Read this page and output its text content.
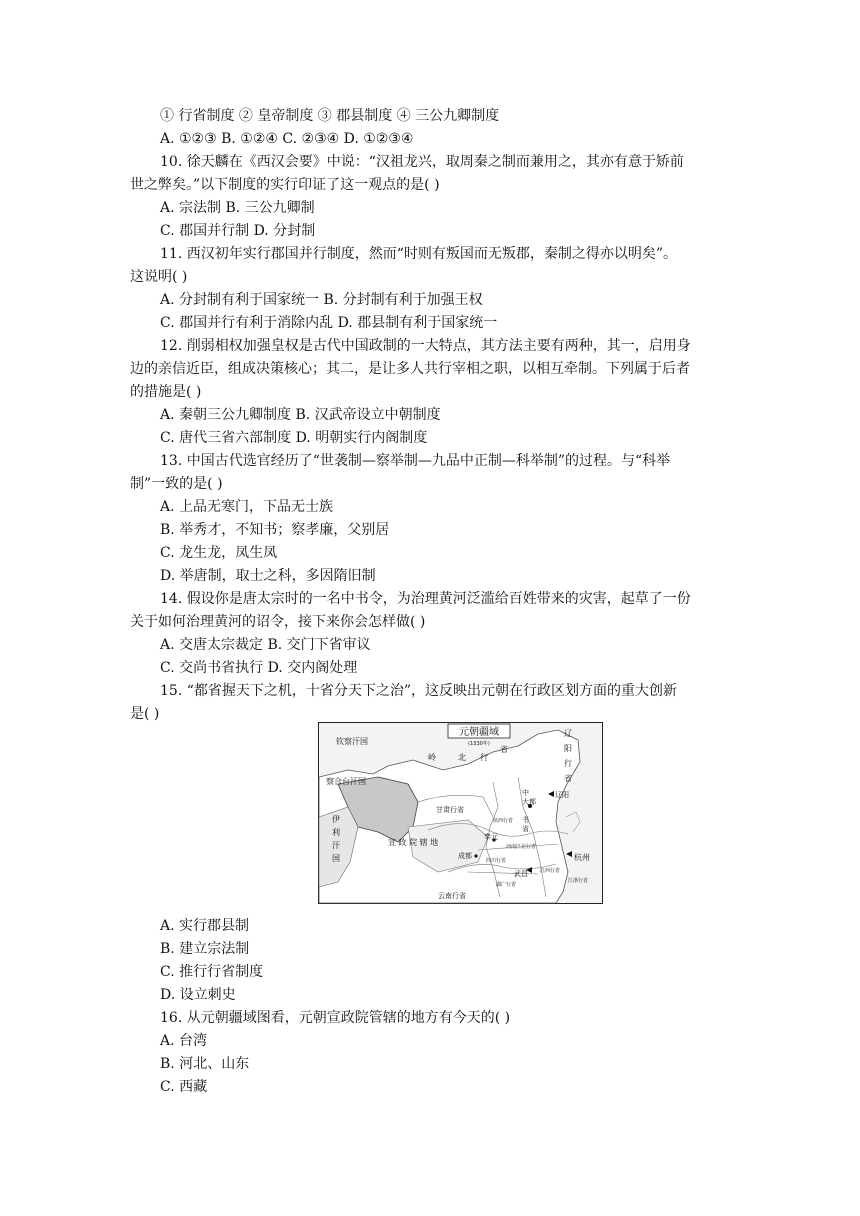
① 行省制度 ② 皇帝制度 ③ 郡县制度 ④ 三公九卿制度
A. ①②③ B. ①②④ C. ②③④ D. ①②③④
10. 徐天麟在《西汉会要》中说：“汉祖龙兴，取周秦之制而兼用之，其亦有意于矫前
世之弊矣。”以下制度的实行印证了这一观点的是( )
A. 宗法制 B. 三公九卿制
C. 郡国并行制 D. 分封制
11. 西汉初年实行郡国并行制度，然而“时则有叛国而无叛郡，秦制之得亦以明矣”。
这说明( )
A. 分封制有利于国家统一 B. 分封制有利于加强王权
C. 郡国并行有利于消除内乱 D. 郡县制有利于国家统一
12. 削弱相权加强皇权是古代中国政制的一大特点，其方法主要有两种，其一，启用身
边的亲信近臣，组成决策核心；其二，是让多人共行宰相之职，以相互牵制。下列属于后者
的措施是( )
A. 秦朝三公九卿制度 B. 汉武帝设立中朝制度
C. 唐代三省六部制度 D. 明朝实行内阁制度
13. 中国古代选官经历了“世袭制—察举制—九品中正制—科举制”的过程。与“科举
制”一致的是( )
A. 上品无寒门，下品无士族
B. 举秀才，不知书；察孝廉，父别居
C. 龙生龙，凤生凤
D. 举唐制，取士之科，多因隋旧制
14. 假设你是唐太宗时的一名中书令，为治理黄河泛滥给百姓带来的灾害，起草了一份
关于如何治理黄河的诏令，接下来你会怎样做( )
A. 交唐太宗裁定 B. 交门下省审议
C. 交尚书省执行 D. 交内阁处理
15. “都省握天下之机，十省分天下之治”，这反映出元朝在行政区划方面的重大创新
是( )
元朝疆域
(1330年)
钦察汗国
察合台汗国
伊
利
汗
国
岭	北 行
省
辽
阳
行
省
甘肃行省
中
书
省
大都
辽阳
陕西行省
奉元
河南江北行省
宣 政 院 辖 地
成都
四川行省
武昌
杭州
江浙行省
湖广行省
江西行省
云南行省
A. 实行郡县制
B. 建立宗法制
C. 推行行省制度
D. 设立刺史
16. 从元朝疆域图看，元朝宣政院管辖的地方有今天的( )
A. 台湾
B. 河北、山东
C. 西藏
